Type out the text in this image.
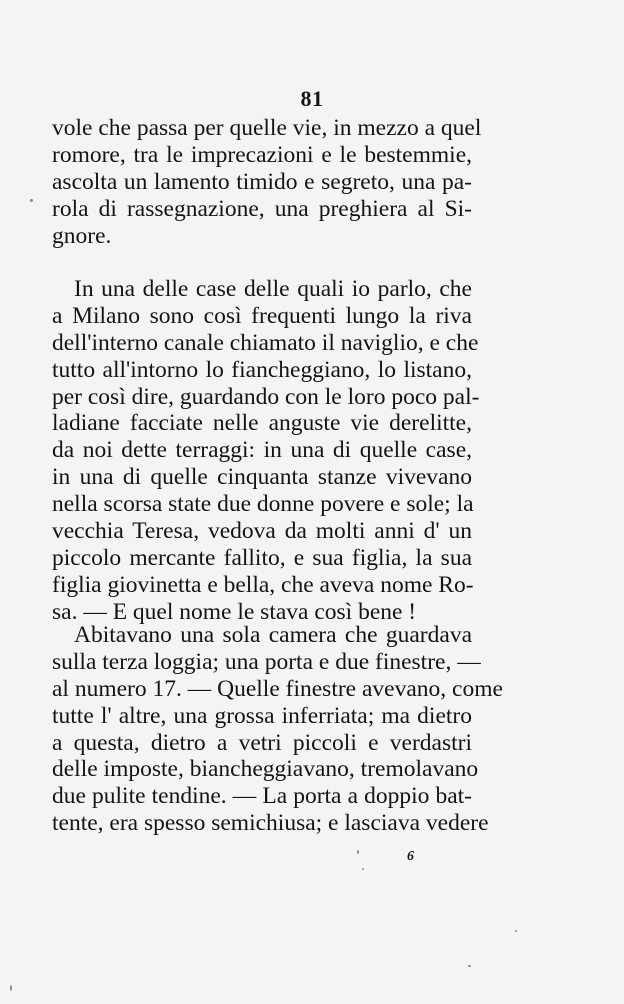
81
vole che passa per quelle vie, in mezzo a quel
romore, tra le imprecazioni e le bestemmie,
ascolta un lamento timido e segreto, una pa-
rola di rassegnazione, una preghiera al Si-
gnore.
In una delle case delle quali io parlo, che
a Milano sono così frequenti lungo la riva
dell'interno canale chiamato il naviglio, e che
tutto all'intorno lo fiancheggiano, lo listano,
per così dire, guardando con le loro poco pal-
ladiane facciate nelle anguste vie derelitte,
da noi dette terraggi: in una di quelle case,
in una di quelle cinquanta stanze vivevano
nella scorsa state due donne povere e sole; la
vecchia Teresa, vedova da molti anni d' un
piccolo mercante fallito, e sua figlia, la sua
figlia giovinetta e bella, che aveva nome Ro-
sa. — E quel nome le stava così bene !
Abitavano una sola camera che guardava
sulla terza loggia; una porta e due finestre, —
al numero 17. — Quelle finestre avevano, come
tutte l' altre, una grossa inferriata; ma dietro
a questa, dietro a vetri piccoli e verdastri
delle imposte, biancheggiavano, tremolavano
due pulite tendine. — La porta a doppio bat-
tente, era spesso semichiusa; e lasciava vedere
6
